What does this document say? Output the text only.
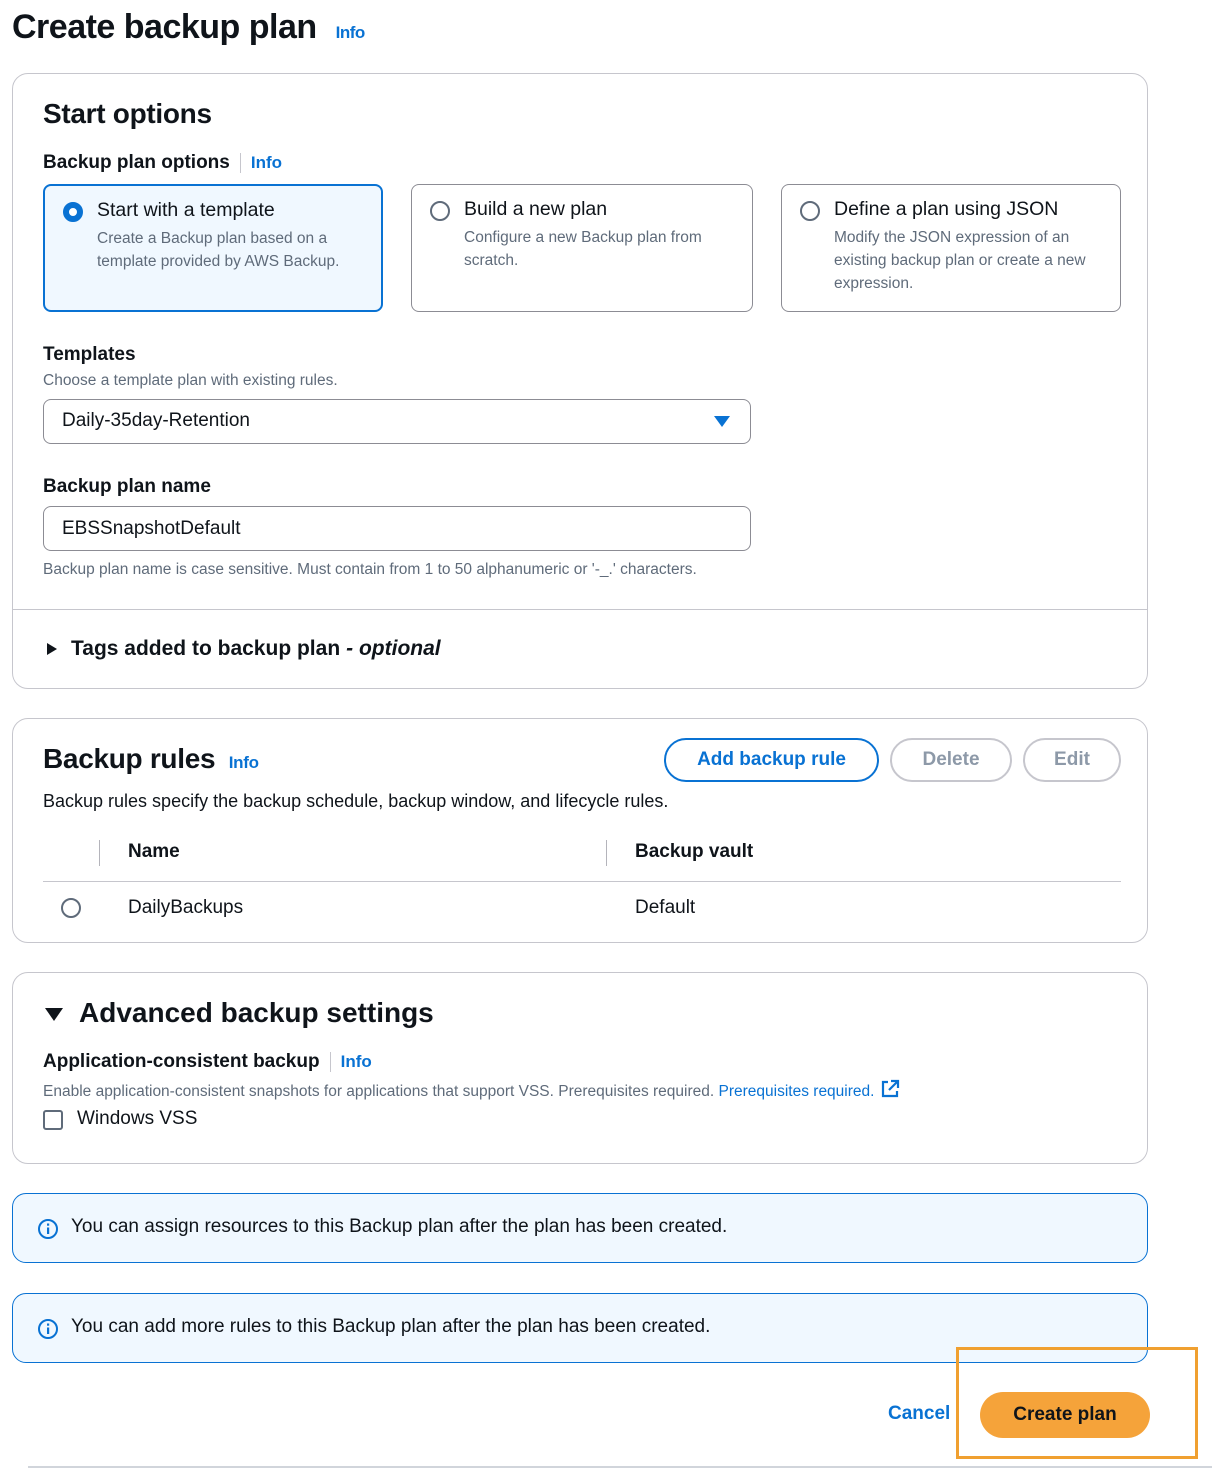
Create backup plan Info
Start options
Backup plan options Info
Start with a template
Create a Backup plan based on a template provided by AWS Backup.
Build a new plan
Configure a new Backup plan from scratch.
Define a plan using JSON
Modify the JSON expression of an existing backup plan or create a new expression.
Templates
Choose a template plan with existing rules.
Daily-35day-Retention
Backup plan name
EBSSnapshotDefault
Backup plan name is case sensitive. Must contain from 1 to 50 alphanumeric or '-_.' characters.
Tags added to backup plan - optional
Backup rules Info	Add backup rule	Delete	Edit
Backup rules specify the backup schedule, backup window, and lifecycle rules.
Name	Backup vault
DailyBackups	Default
Advanced backup settings
Application-consistent backup Info
Enable application-consistent snapshots for applications that support VSS. Prerequisites required. Prerequisites required.
Windows VSS
You can assign resources to this Backup plan after the plan has been created.
You can add more rules to this Backup plan after the plan has been created.
Cancel	Create plan
